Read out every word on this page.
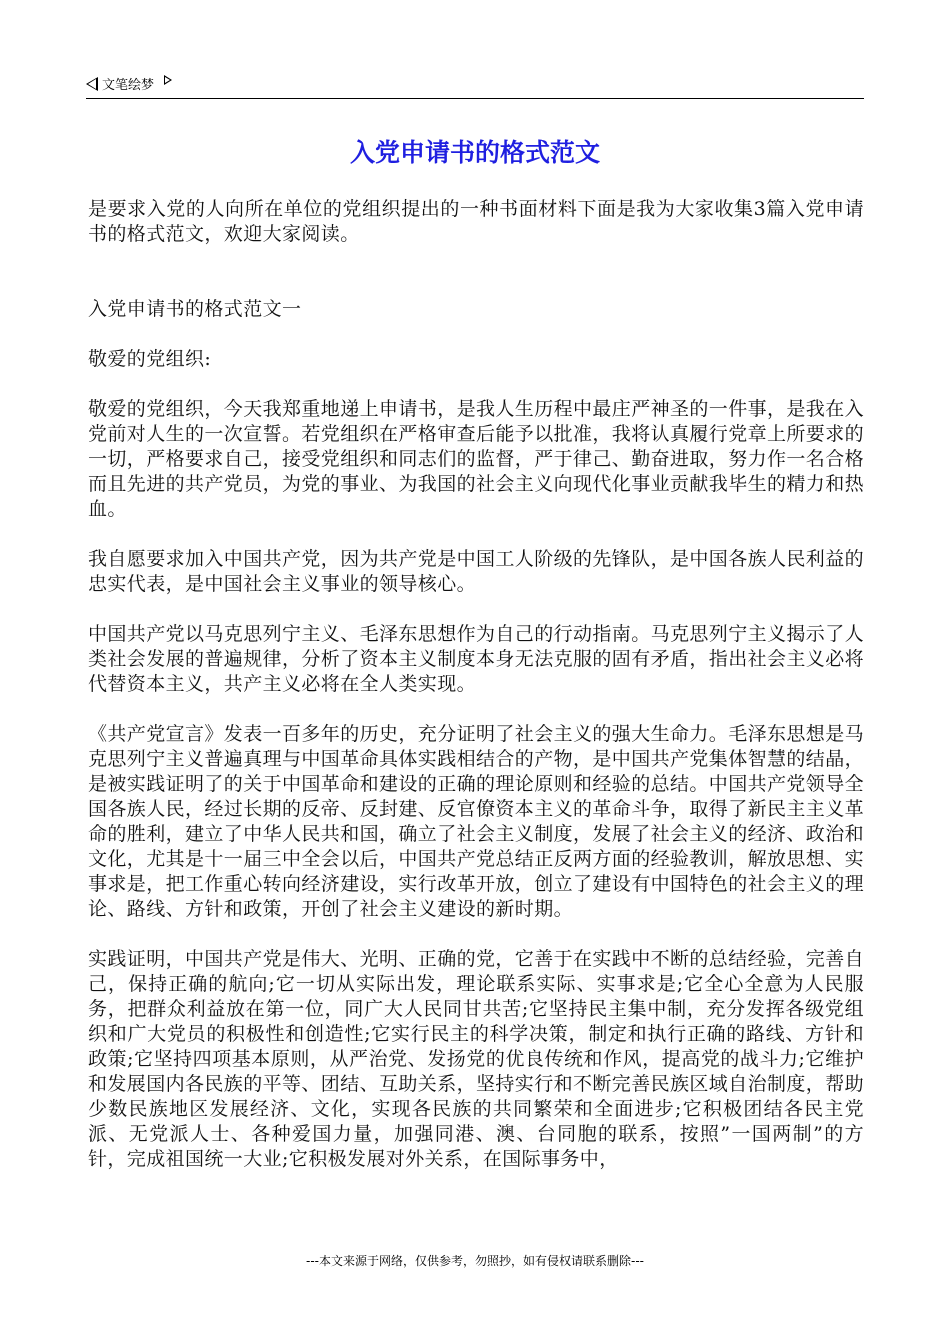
文笔绘梦
入党申请书的格式范文

是要求入党的人向所在单位的党组织提出的一种书面材料下面是我为大家收集3篇入党申请书的格式范文，欢迎大家阅读。

入党申请书的格式范文一

敬爱的党组织:

敬爱的党组织，今天我郑重地递上申请书，是我人生历程中最庄严神圣的一件事，是我在入党前对人生的一次宣誓。若党组织在严格审查后能予以批准，我将认真履行党章上所要求的一切，严格要求自己，接受党组织和同志们的监督，严于律己、勤奋进取，努力作一名合格而且先进的共产党员，为党的事业、为我国的社会主义向现代化事业贡献我毕生的精力和热血。

我自愿要求加入中国共产党，因为共产党是中国工人阶级的先锋队，是中国各族人民利益的忠实代表，是中国社会主义事业的领导核心。

中国共产党以马克思列宁主义、毛泽东思想作为自己的行动指南。马克思列宁主义揭示了人类社会发展的普遍规律，分析了资本主义制度本身无法克服的固有矛盾，指出社会主义必将代替资本主义，共产主义必将在全人类实现。

《共产党宣言》发表一百多年的历史，充分证明了社会主义的强大生命力。毛泽东思想是马克思列宁主义普遍真理与中国革命具体实践相结合的产物，是中国共产党集体智慧的结晶，是被实践证明了的关于中国革命和建设的正确的理论原则和经验的总结。中国共产党领导全国各族人民，经过长期的反帝、反封建、反官僚资本主义的革命斗争，取得了新民主主义革命的胜利，建立了中华人民共和国，确立了社会主义制度，发展了社会主义的经济、政治和文化，尤其是十一届三中全会以后，中国共产党总结正反两方面的经验教训，解放思想、实事求是，把工作重心转向经济建设，实行改革开放，创立了建设有中国特色的社会主义的理论、路线、方针和政策，开创了社会主义建设的新时期。

实践证明，中国共产党是伟大、光明、正确的党，它善于在实践中不断的总结经验，完善自己，保持正确的航向;它一切从实际出发，理论联系实际、实事求是;它全心全意为人民服务，把群众利益放在第一位，同广大人民同甘共苦;它坚持民主集中制，充分发挥各级党组织和广大党员的积极性和创造性;它实行民主的科学决策，制定和执行正确的路线、方针和政策;它坚持四项基本原则，从严治党、发扬党的优良传统和作风，提高党的战斗力;它维护和发展国内各民族的平等、团结、互助关系，坚持实行和不断完善民族区域自治制度，帮助少数民族地区发展经济、文化，实现各民族的共同繁荣和全面进步;它积极团结各民主党派、无党派人士、各种爱国力量，加强同港、澳、台同胞的联系，按照”一国两制”的方针，完成祖国统一大业;它积极发展对外关系，在国际事务中，

---本文来源于网络，仅供参考，勿照抄，如有侵权请联系删除---
